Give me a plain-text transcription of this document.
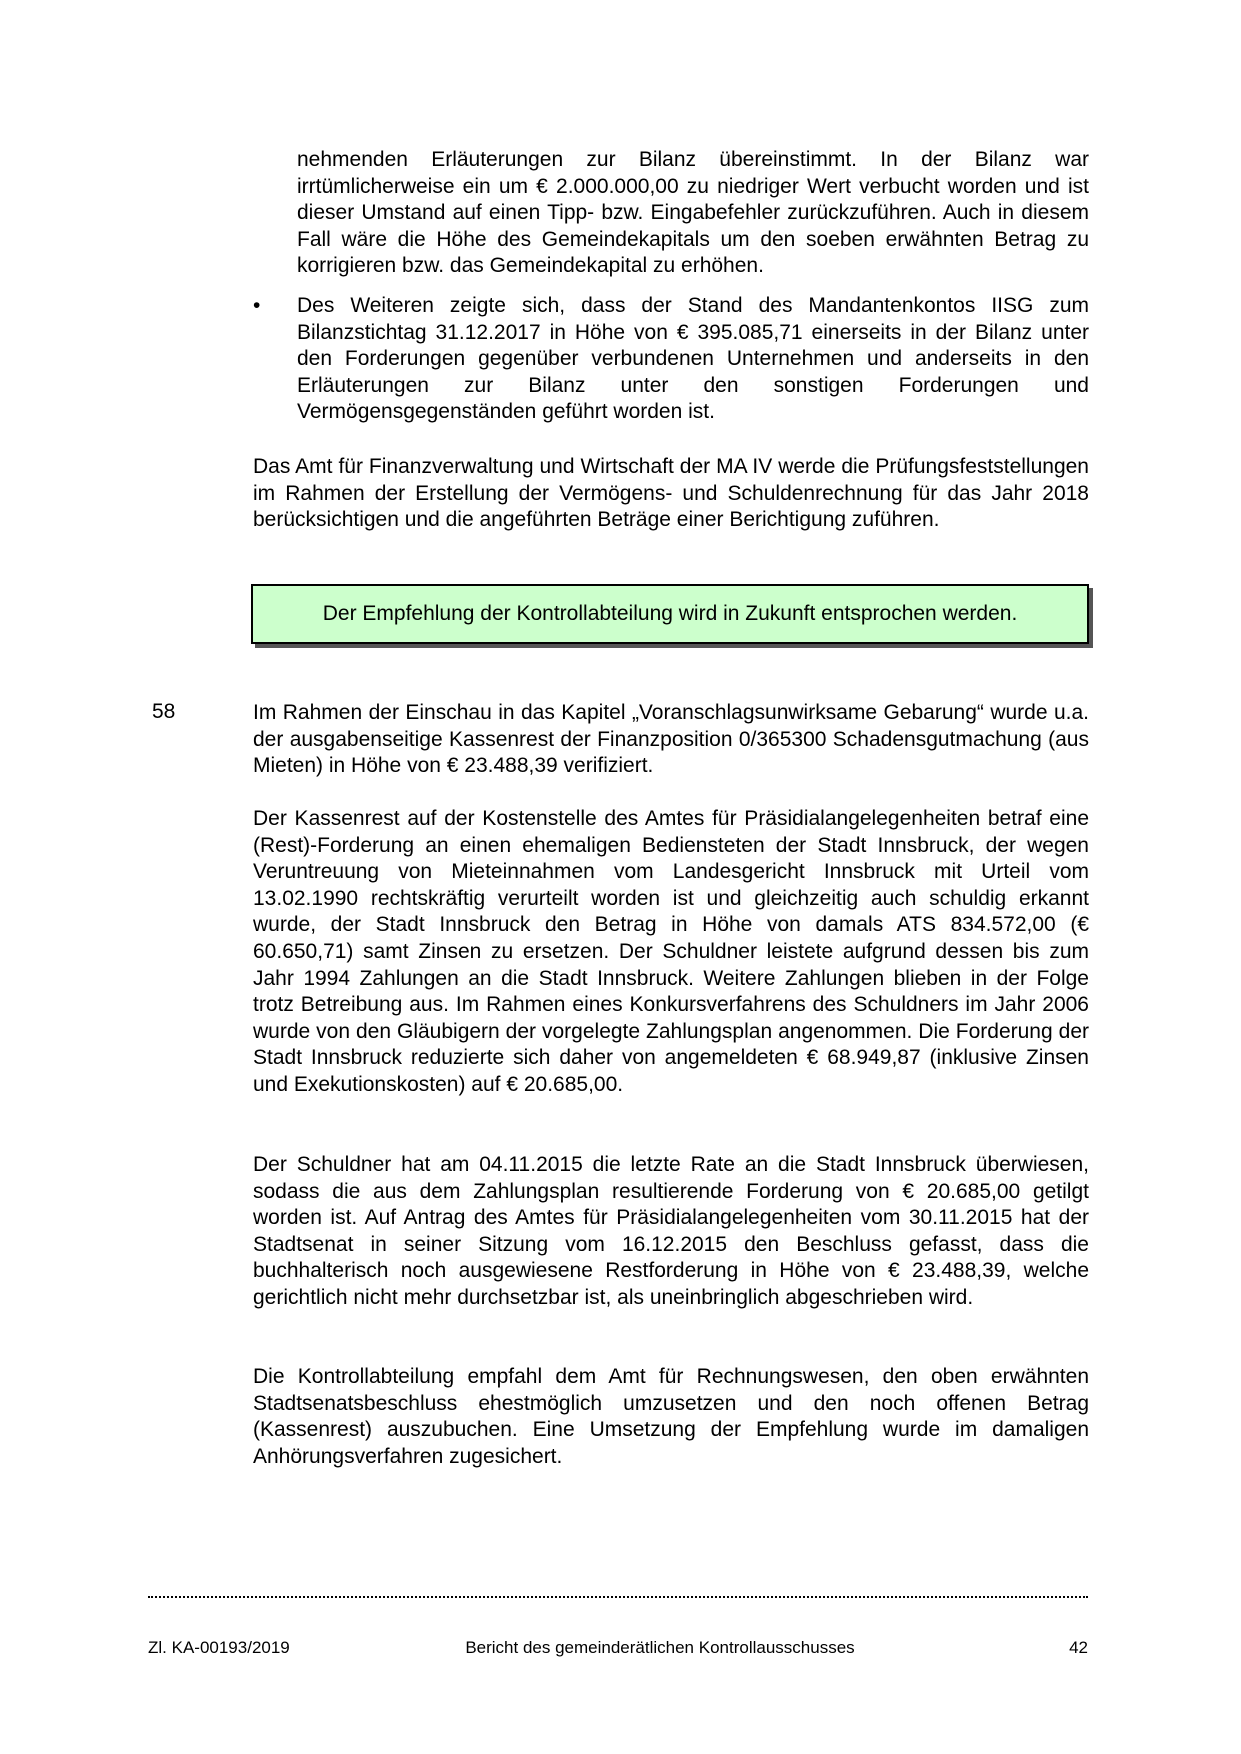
nehmenden Erläuterungen zur Bilanz übereinstimmt. In der Bilanz war irrtümlicherweise ein um € 2.000.000,00 zu niedriger Wert verbucht worden und ist dieser Umstand auf einen Tipp- bzw. Eingabefehler zurückzuführen. Auch in diesem Fall wäre die Höhe des Gemeindekapitals um den soeben erwähnten Betrag zu korrigieren bzw. das Gemeindekapital zu erhöhen.

• Des Weiteren zeigte sich, dass der Stand des Mandantenkontos IISG zum Bilanzstichtag 31.12.2017 in Höhe von € 395.085,71 einerseits in der Bilanz unter den Forderungen gegenüber verbundenen Unternehmen und anderseits in den Erläuterungen zur Bilanz unter den sonstigen Forderungen und Vermögensgegenständen geführt worden ist.

Das Amt für Finanzverwaltung und Wirtschaft der MA IV werde die Prüfungsfeststellungen im Rahmen der Erstellung der Vermögens- und Schuldenrechnung für das Jahr 2018 berücksichtigen und die angeführten Beträge einer Berichtigung zuführen.

Der Empfehlung der Kontrollabteilung wird in Zukunft entsprochen werden.
58	Im Rahmen der Einschau in das Kapitel „Voranschlagsunwirksame Gebarung“ wurde u.a. der ausgabenseitige Kassenrest der Finanzposition 0/365300 Schadensgutmachung (aus Mieten) in Höhe von € 23.488,39 verifiziert.

Der Kassenrest auf der Kostenstelle des Amtes für Präsidialangelegenheiten betraf eine (Rest)-Forderung an einen ehemaligen Bediensteten der Stadt Innsbruck, der wegen Veruntreuung von Mieteinnahmen vom Landesgericht Innsbruck mit Urteil vom 13.02.1990 rechtskräftig verurteilt worden ist und gleichzeitig auch schuldig erkannt wurde, der Stadt Innsbruck den Betrag in Höhe von damals ATS 834.572,00 (€ 60.650,71) samt Zinsen zu ersetzen. Der Schuldner leistete aufgrund dessen bis zum Jahr 1994 Zahlungen an die Stadt Innsbruck. Weitere Zahlungen blieben in der Folge trotz Betreibung aus. Im Rahmen eines Konkursverfahrens des Schuldners im Jahr 2006 wurde von den Gläubigern der vorgelegte Zahlungsplan angenommen. Die Forderung der Stadt Innsbruck reduzierte sich daher von angemeldeten € 68.949,87 (inklusive Zinsen und Exekutionskosten) auf € 20.685,00.

Der Schuldner hat am 04.11.2015 die letzte Rate an die Stadt Innsbruck überwiesen, sodass die aus dem Zahlungsplan resultierende Forderung von € 20.685,00 getilgt worden ist. Auf Antrag des Amtes für Präsidialangelegenheiten vom 30.11.2015 hat der Stadtsenat in seiner Sitzung vom 16.12.2015 den Beschluss gefasst, dass die buchhalterisch noch ausgewiesene Restforderung in Höhe von € 23.488,39, welche gerichtlich nicht mehr durchsetzbar ist, als uneinbringlich abgeschrieben wird.

Die Kontrollabteilung empfahl dem Amt für Rechnungswesen, den oben erwähnten Stadtsenatsbeschluss ehestmöglich umzusetzen und den noch offenen Betrag (Kassenrest) auszubuchen. Eine Umsetzung der Empfehlung wurde im damaligen Anhörungsverfahren zugesichert.

Zl. KA-00193/2019	Bericht des gemeinderätlichen Kontrollausschusses	42
